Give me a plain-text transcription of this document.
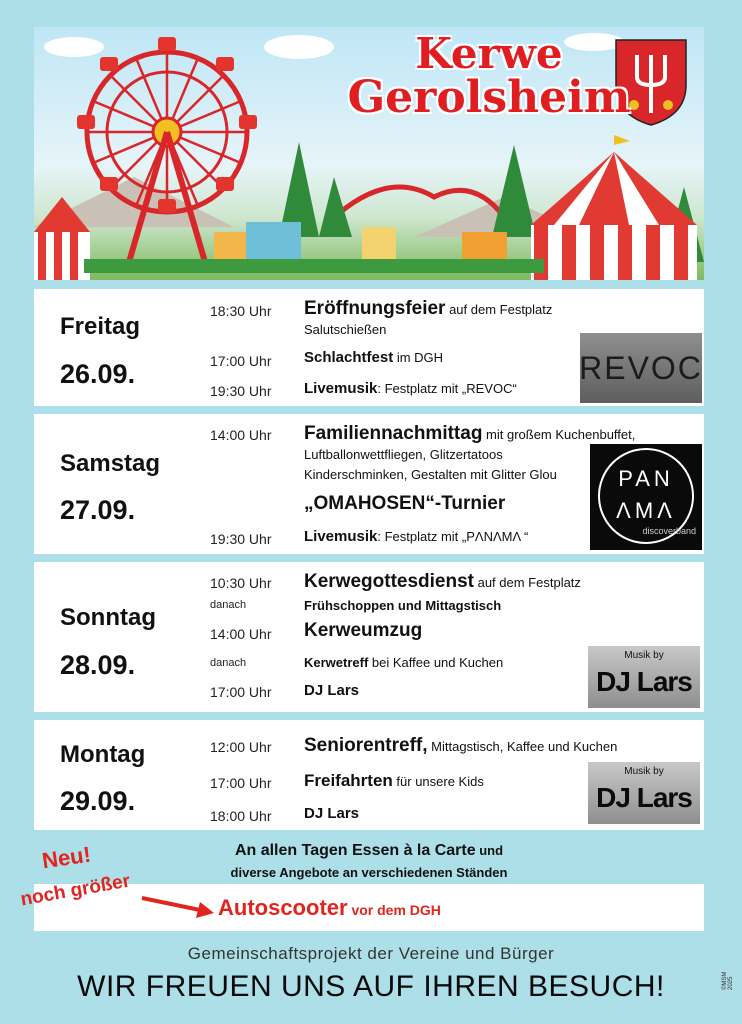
Kerwe
Gerolsheim
Freitag
26.09.
18:30 Uhr Eröffnungsfeier auf dem Festplatz
Salutschießen
17:00 Uhr Schlachtfest im DGH
19:30 Uhr Livemusik: Festplatz mit „REVOC“
REVOC
Samstag
27.09.
14:00 Uhr Familiennachmittag mit großem Kuchenbuffet,
Luftballonwettfliegen, Glitzertatoos
Kinderschminken, Gestalten mit Glitter Glou
„OMAHOSEN“-Turnier
19:30 Uhr Livemusik: Festplatz mit „PΛNΛMΛ “
PAN
ΛMΛ
discoverband
Sonntag
28.09.
10:30 Uhr Kerwegottesdienst auf dem Festplatz
danach	Frühschoppen und Mittagstisch
14:00 Uhr Kerweumzug
danach	Kerwetreff bei Kaffee und Kuchen
17:00 Uhr DJ Lars
Musik by
DJ Lars
Montag
29.09.
12:00 Uhr Seniorentreff, Mittagstisch, Kaffee und Kuchen
17:00 Uhr Freifahrten für unsere Kids
18:00 Uhr DJ Lars
Musik by
DJ Lars
An allen Tagen Essen à la Carte und
diverse Angebote an verschiedenen Ständen
Autoscooter vor dem DGH
Neu!
noch größer
Gemeinschaftsprojekt der Vereine und Bürger
WIR FREUEN UNS AUF IHREN BESUCH!	©MSM 2025
